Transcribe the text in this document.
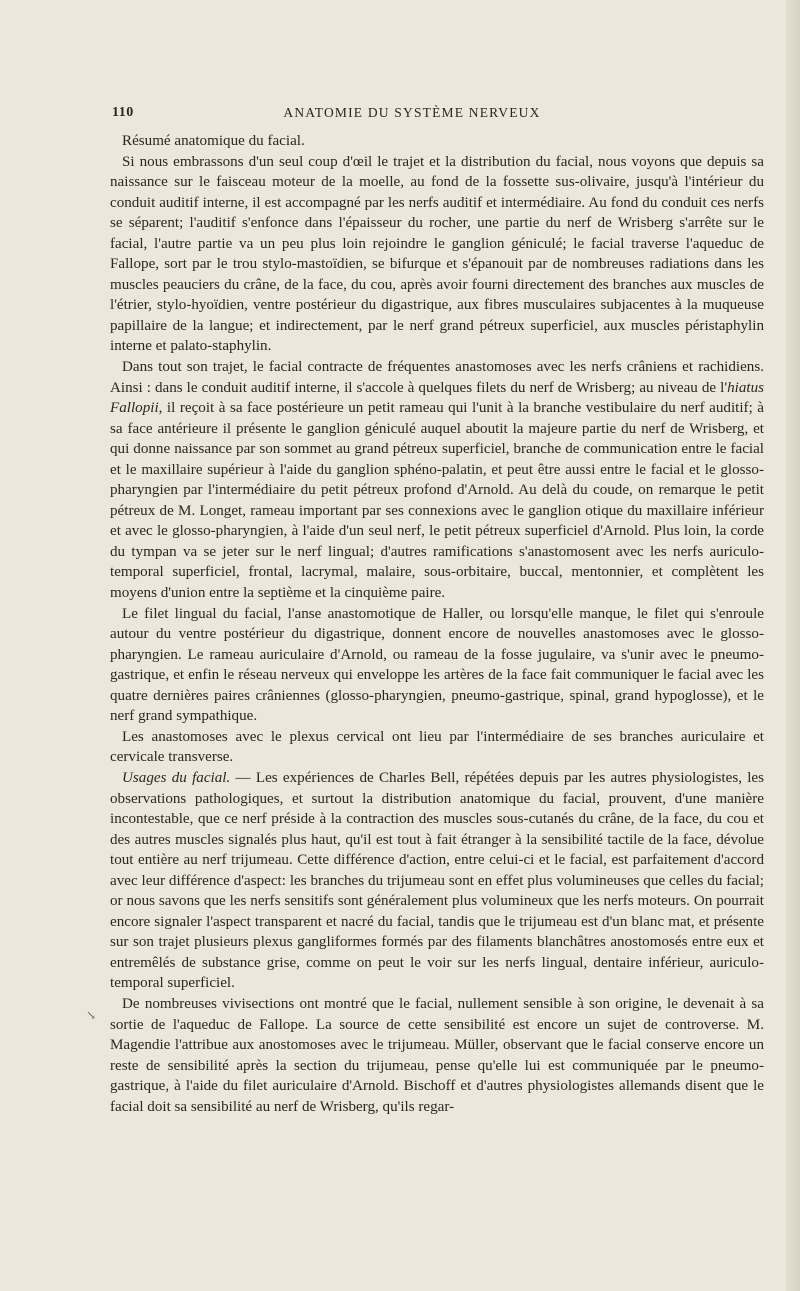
110	ANATOMIE DU SYSTÈME NERVEUX

Résumé anatomique du facial.

Si nous embrassons d'un seul coup d'œil le trajet et la distribution du facial, nous voyons que depuis sa naissance sur le faisceau moteur de la moelle, au fond de la fossette sus-olivaire, jusqu'à l'intérieur du conduit auditif interne, il est accompagné par les nerfs auditif et intermédiaire. Au fond du conduit ces nerfs se séparent; l'auditif s'enfonce dans l'épaisseur du rocher, une partie du nerf de Wrisberg s'arrête sur le facial, l'autre partie va un peu plus loin rejoindre le ganglion géniculé; le facial traverse l'aqueduc de Fallope, sort par le trou stylo-mastoïdien, se bifurque et s'épanouit par de nombreuses radiations dans les muscles peauciers du crâne, de la face, du cou, après avoir fourni directement des branches aux muscles de l'étrier, stylo-hyoïdien, ventre postérieur du digastrique, aux fibres musculaires subjacentes à la muqueuse papillaire de la langue; et indirectement, par le nerf grand pétreux superficiel, aux muscles péristaphylin interne et palato-staphylin.

Dans tout son trajet, le facial contracte de fréquentes anastomoses avec les nerfs crâniens et rachidiens. Ainsi : dans le conduit auditif interne, il s'accole à quelques filets du nerf de Wrisberg; au niveau de l'hiatus Fallopii, il reçoit à sa face postérieure un petit rameau qui l'unit à la branche vestibulaire du nerf auditif; à sa face antérieure il présente le ganglion géniculé auquel aboutit la majeure partie du nerf de Wrisberg, et qui donne naissance par son sommet au grand pétreux superficiel, branche de communication entre le facial et le maxillaire supérieur à l'aide du ganglion sphéno-palatin, et peut être aussi entre le facial et le glosso-pharyngien par l'intermédiaire du petit pétreux profond d'Arnold. Au delà du coude, on remarque le petit pétreux de M. Longet, rameau important par ses connexions avec le ganglion otique du maxillaire inférieur et avec le glosso-pharyngien, à l'aide d'un seul nerf, le petit pétreux superficiel d'Arnold. Plus loin, la corde du tympan va se jeter sur le nerf lingual; d'autres ramifications s'anastomosent avec les nerfs auriculo-temporal superficiel, frontal, lacrymal, malaire, sous-orbitaire, buccal, mentonnier, et complètent les moyens d'union entre la septième et la cinquième paire.

Le filet lingual du facial, l'anse anastomotique de Haller, ou lorsqu'elle manque, le filet qui s'enroule autour du ventre postérieur du digastrique, donnent encore de nouvelles anastomoses avec le glosso-pharyngien. Le rameau auriculaire d'Arnold, ou rameau de la fosse jugulaire, va s'unir avec le pneumo-gastrique, et enfin le réseau nerveux qui enveloppe les artères de la face fait communiquer le facial avec les quatre dernières paires crâniennes (glosso-pharyngien, pneumo-gastrique, spinal, grand hypoglosse), et le nerf grand sympathique.

Les anastomoses avec le plexus cervical ont lieu par l'intermédiaire de ses branches auriculaire et cervicale transverse.

Usages du facial. — Les expériences de Charles Bell, répétées depuis par les autres physiologistes, les observations pathologiques, et surtout la distribution anatomique du facial, prouvent, d'une manière incontestable, que ce nerf préside à la contraction des muscles sous-cutanés du crâne, de la face, du cou et des autres muscles signalés plus haut, qu'il est tout à fait étranger à la sensibilité tactile de la face, dévolue tout entière au nerf trijumeau. Cette différence d'action, entre celui-ci et le facial, est parfaitement d'accord avec leur différence d'aspect: les branches du trijumeau sont en effet plus volumineuses que celles du facial; or nous savons que les nerfs sensitifs sont généralement plus volumineux que les nerfs moteurs. On pourrait encore signaler l'aspect transparent et nacré du facial, tandis que le trijumeau est d'un blanc mat, et présente sur son trajet plusieurs plexus gangliformes formés par des filaments blanchâtres anostomosés entre eux et entremêlés de substance grise, comme on peut le voir sur les nerfs lingual, dentaire inférieur, auriculo-temporal superficiel.

De nombreuses vivisections ont montré que le facial, nullement sensible à son origine, le devenait à sa sortie de l'aqueduc de Fallope. La source de cette sensibilité est encore un sujet de controverse. M. Magendie l'attribue aux anostomoses avec le trijumeau. Müller, observant que le facial conserve encore un reste de sensibilité après la section du trijumeau, pense qu'elle lui est communiquée par le pneumo-gastrique, à l'aide du filet auriculaire d'Arnold. Bischoff et d'autres physiologistes allemands disent que le facial doit sa sensibilité au nerf de Wrisberg, qu'ils regar-

↘
